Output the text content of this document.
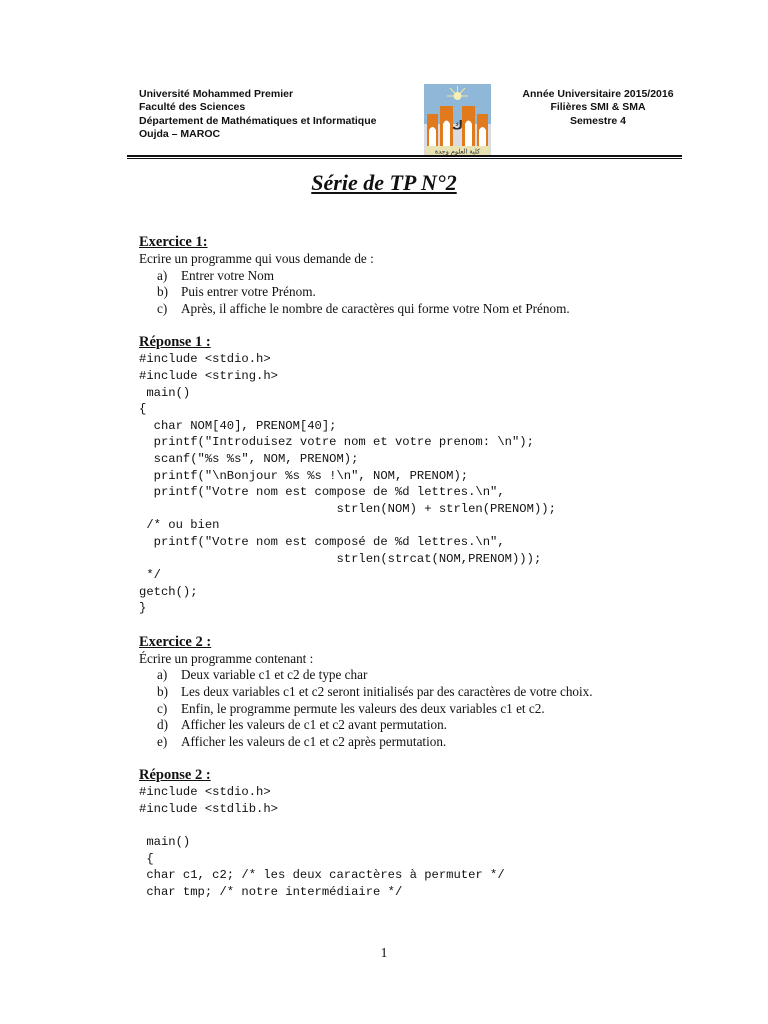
Université Mohammed Premier
Faculté des Sciences
Département de Mathématiques et Informatique
Oujda – MAROC
ك
كلية العلوم وجدة
Année Universitaire 2015/2016
Filières SMI & SMA
Semestre 4
Série de TP N°2

Exercice 1:

Ecrire un programme qui vous demande de :

a) Entrer votre Nom
b) Puis entrer votre Prénom.
c) Après, il affiche le nombre de caractères qui forme votre Nom et Prénom.

Réponse 1 :

#include <stdio.h>
#include <string.h>
main()
{
char NOM[40], PRENOM[40];
printf("Introduisez votre nom et votre prenom: \n");
scanf("%s %s", NOM, PRENOM);
printf("\nBonjour %s %s !\n", NOM, PRENOM);
printf("Votre nom est compose de %d lettres.\n",
strlen(NOM) + strlen(PRENOM));
/* ou bien
printf("Votre nom est composé de %d lettres.\n",
strlen(strcat(NOM,PRENOM)));
*/
getch();
}

Exercice 2 :

Écrire un programme contenant :

a) Deux variable c1 et c2 de type char
b) Les deux variables c1 et c2 seront initialisés par des caractères de votre choix.
c) Enfin, le programme permute les valeurs des deux variables c1 et c2.
d) Afficher les valeurs de c1 et c2 avant permutation.
e) Afficher les valeurs de c1 et c2 après permutation.

Réponse 2 :

#include <stdio.h>
#include <stdlib.h>

main()
{
char c1, c2; /* les deux caractères à permuter */
char tmp; /* notre intermédiaire */
1
